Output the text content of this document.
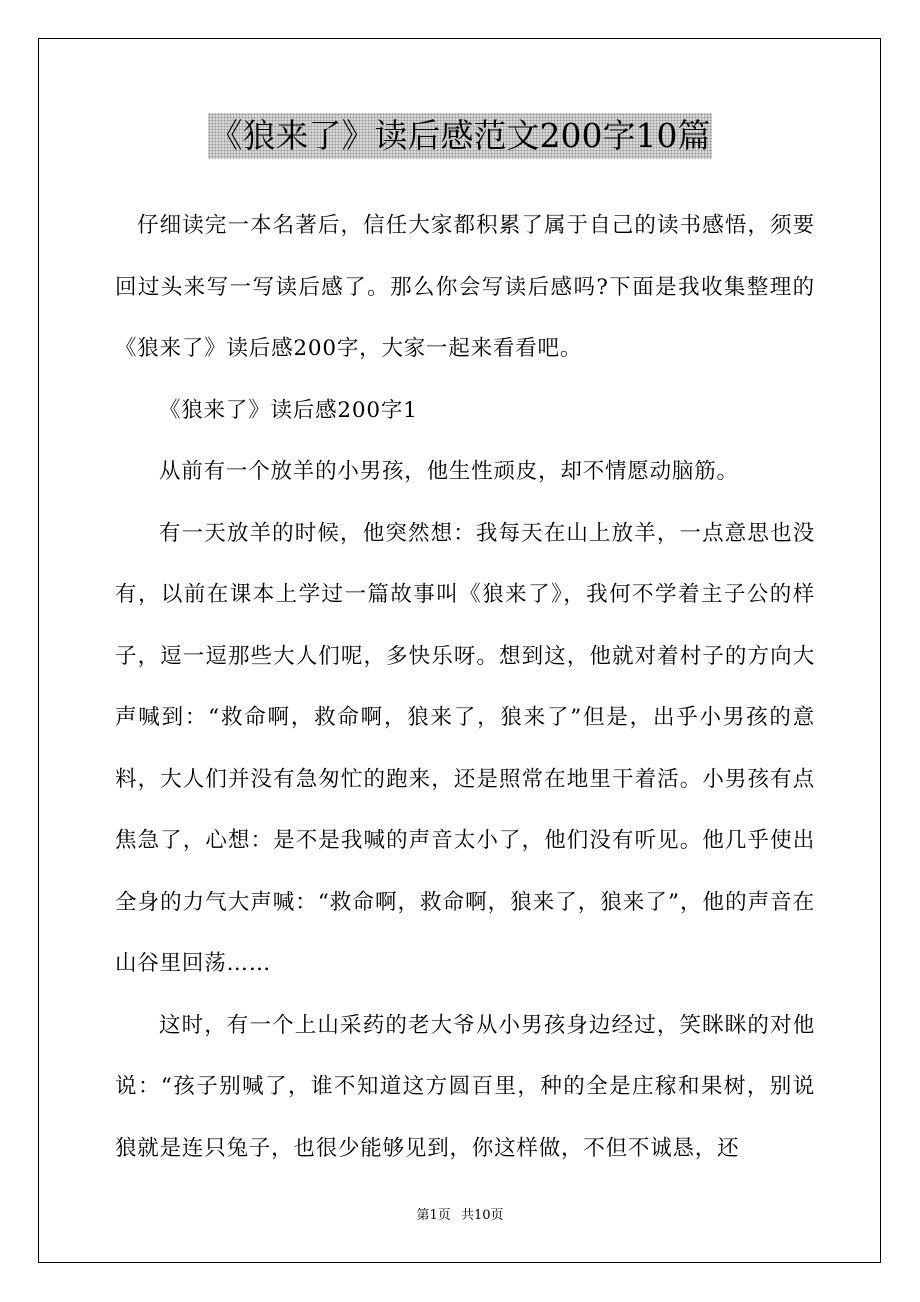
《狼来了》读后感范文200字10篇

仔细读完一本名著后，信任大家都积累了属于自己的读书感悟，须要回过头来写一写读后感了。那么你会写读后感吗?下面是我收集整理的《狼来了》读后感200字，大家一起来看看吧。

《狼来了》读后感200字1

从前有一个放羊的小男孩，他生性顽皮，却不情愿动脑筋。

有一天放羊的时候，他突然想：我每天在山上放羊，一点意思也没有，以前在课本上学过一篇故事叫《狼来了》，我何不学着主子公的样子，逗一逗那些大人们呢，多快乐呀。想到这，他就对着村子的方向大声喊到：“救命啊，救命啊，狼来了，狼来了”但是，出乎小男孩的意料，大人们并没有急匆忙的跑来，还是照常在地里干着活。小男孩有点焦急了，心想：是不是我喊的声音太小了，他们没有听见。他几乎使出全身的力气大声喊：“救命啊，救命啊，狼来了，狼来了”，他的声音在山谷里回荡……

这时，有一个上山采药的老大爷从小男孩身边经过，笑眯眯的对他说：“孩子别喊了，谁不知道这方圆百里，种的全是庄稼和果树，别说狼就是连只兔子，也很少能够见到，你这样做，不但不诚恳，还

第1页 共10页
